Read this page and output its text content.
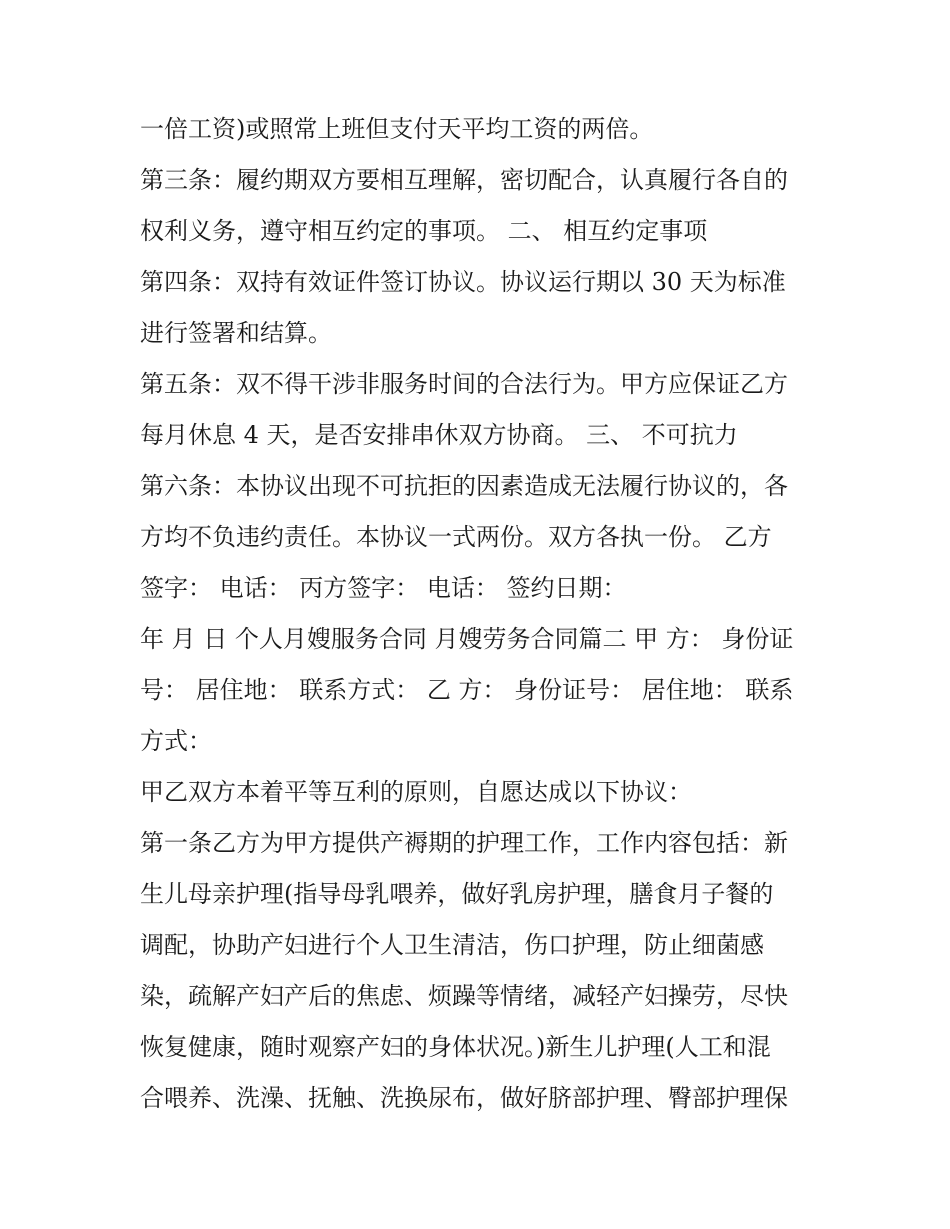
一倍工资)或照常上班但支付天平均工资的两倍。
第三条：履约期双方要相互理解，密切配合，认真履行各自的
权利义务，遵守相互约定的事项。 二、 相互约定事项
第四条：双持有效证件签订协议。协议运行期以 30 天为标准
进行签署和结算。
第五条：双不得干涉非服务时间的合法行为。甲方应保证乙方
每月休息 4 天，是否安排串休双方协商。 三、 不可抗力
第六条：本协议出现不可抗拒的因素造成无法履行协议的，各
方均不负违约责任。本协议一式两份。双方各执一份。 乙方
签字： 电话： 丙方签字： 电话： 签约日期：
年 月 日 个人月嫂服务合同 月嫂劳务合同篇二 甲 方： 身份证
号： 居住地： 联系方式： 乙 方： 身份证号： 居住地： 联系
方式：
甲乙双方本着平等互利的原则，自愿达成以下协议：
第一条乙方为甲方提供产褥期的护理工作，工作内容包括：新
生儿母亲护理(指导母乳喂养，做好乳房护理，膳食月子餐的
调配，协助产妇进行个人卫生清洁，伤口护理，防止细菌感
染，疏解产妇产后的焦虑、烦躁等情绪，减轻产妇操劳，尽快
恢复健康，随时观察产妇的身体状况。)新生儿护理(人工和混
合喂养、洗澡、抚触、洗换尿布，做好脐部护理、臀部护理保
